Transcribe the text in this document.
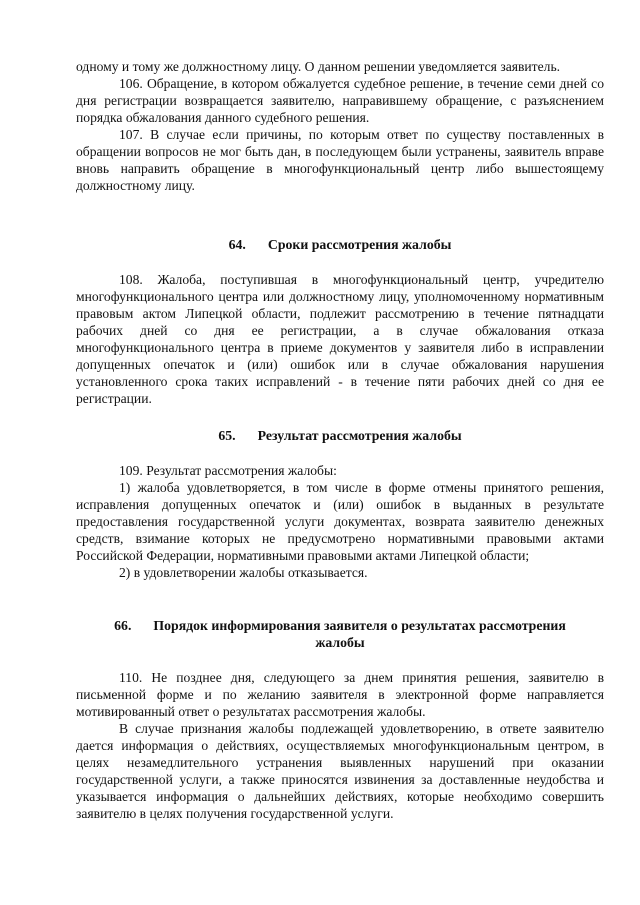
одному и тому же должностному лицу. О данном решении уведомляется заявитель.

106. Обращение, в котором обжалуется судебное решение, в течение семи дней со дня регистрации возвращается заявителю, направившему обращение, с разъяснением порядка обжалования данного судебного решения.

107. В случае если причины, по которым ответ по существу поставленных в обращении вопросов не мог быть дан, в последующем были устранены, заявитель вправе вновь направить обращение в многофункциональный центр либо вышестоящему должностному лицу.

64. Сроки рассмотрения жалобы

108. Жалоба, поступившая в многофункциональный центр, учредителю многофункционального центра или должностному лицу, уполномоченному нормативным правовым актом Липецкой области, подлежит рассмотрению в течение пятнадцати рабочих дней со дня ее регистрации, а в случае обжалования отказа многофункционального центра в приеме документов у заявителя либо в исправлении допущенных опечаток и (или) ошибок или в случае обжалования нарушения установленного срока таких исправлений - в течение пяти рабочих дней со дня ее регистрации.

65. Результат рассмотрения жалобы

109. Результат рассмотрения жалобы:

1) жалоба удовлетворяется, в том числе в форме отмены принятого решения, исправления допущенных опечаток и (или) ошибок в выданных в результате предоставления государственной услуги документах, возврата заявителю денежных средств, взимание которых не предусмотрено нормативными правовыми актами Российской Федерации, нормативными правовыми актами Липецкой области;

2) в удовлетворении жалобы отказывается.

66. Порядок информирования заявителя о результатах рассмотрения
жалобы

110. Не позднее дня, следующего за днем принятия решения, заявителю в письменной форме и по желанию заявителя в электронной форме направляется мотивированный ответ о результатах рассмотрения жалобы.

В случае признания жалобы подлежащей удовлетворению, в ответе заявителю дается информация о действиях, осуществляемых многофункциональным центром, в целях незамедлительного устранения выявленных нарушений при оказании государственной услуги, а также приносятся извинения за доставленные неудобства и указывается информация о дальнейших действиях, которые необходимо совершить заявителю в целях получения государственной услуги.
